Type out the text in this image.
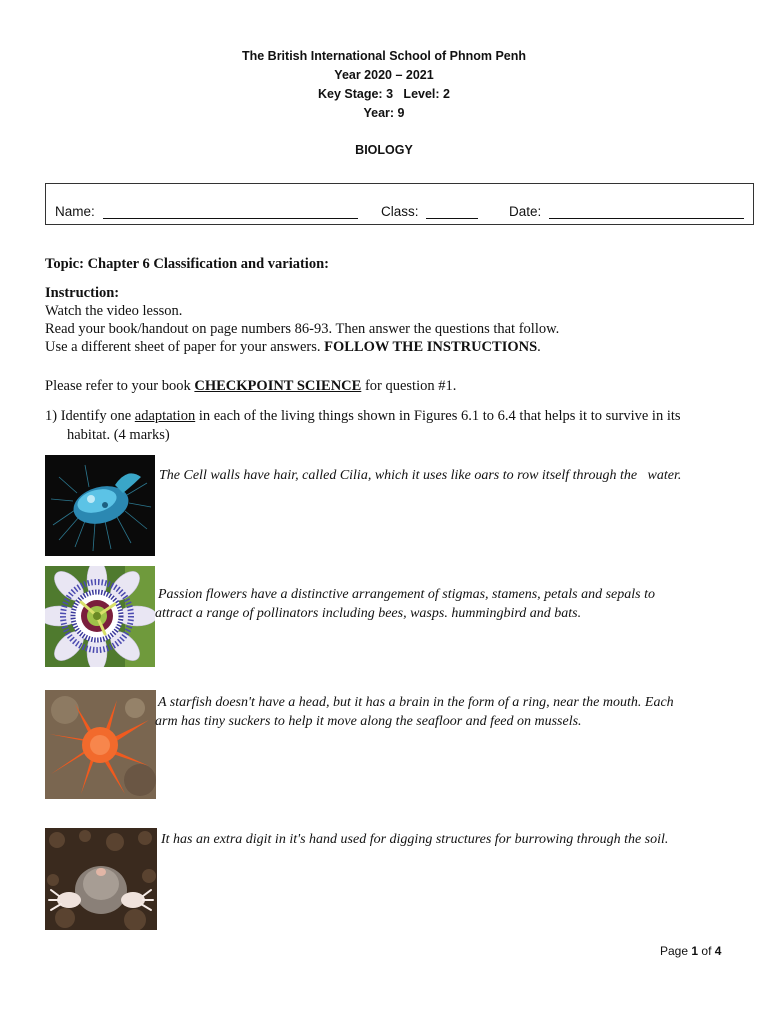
The British International School of Phnom Penh
Year 2020 – 2021
Key Stage: 3   Level: 2
Year: 9
BIOLOGY
Name:	Class:	Date:
Topic: Chapter 6 Classification and variation:
Instruction:
Watch the video lesson.
Read your book/handout on page numbers 86-93. Then answer the questions that follow.
Use a different sheet of paper for your answers. FOLLOW THE INSTRUCTIONS.
Please refer to your book CHECKPOINT SCIENCE for question #1.
1) Identify one adaptation in each of the living things shown in Figures 6.1 to 6.4 that helps it to survive in its
habitat. (4 marks)
The Cell walls have hair, called Cilia, which it uses like oars to row itself through the   water.
Passion flowers have a distinctive arrangement of stigmas, stamens, petals and sepals to
attract a range of pollinators including bees, wasps. hummingbird and bats.
A starfish doesn't have a head, but it has a brain in the form of a ring, near the mouth. Each
arm has tiny suckers to help it move along the seafloor and feed on mussels.
It has an extra digit in it's hand used for digging structures for burrowing through the soil.
Page 1 of 4
